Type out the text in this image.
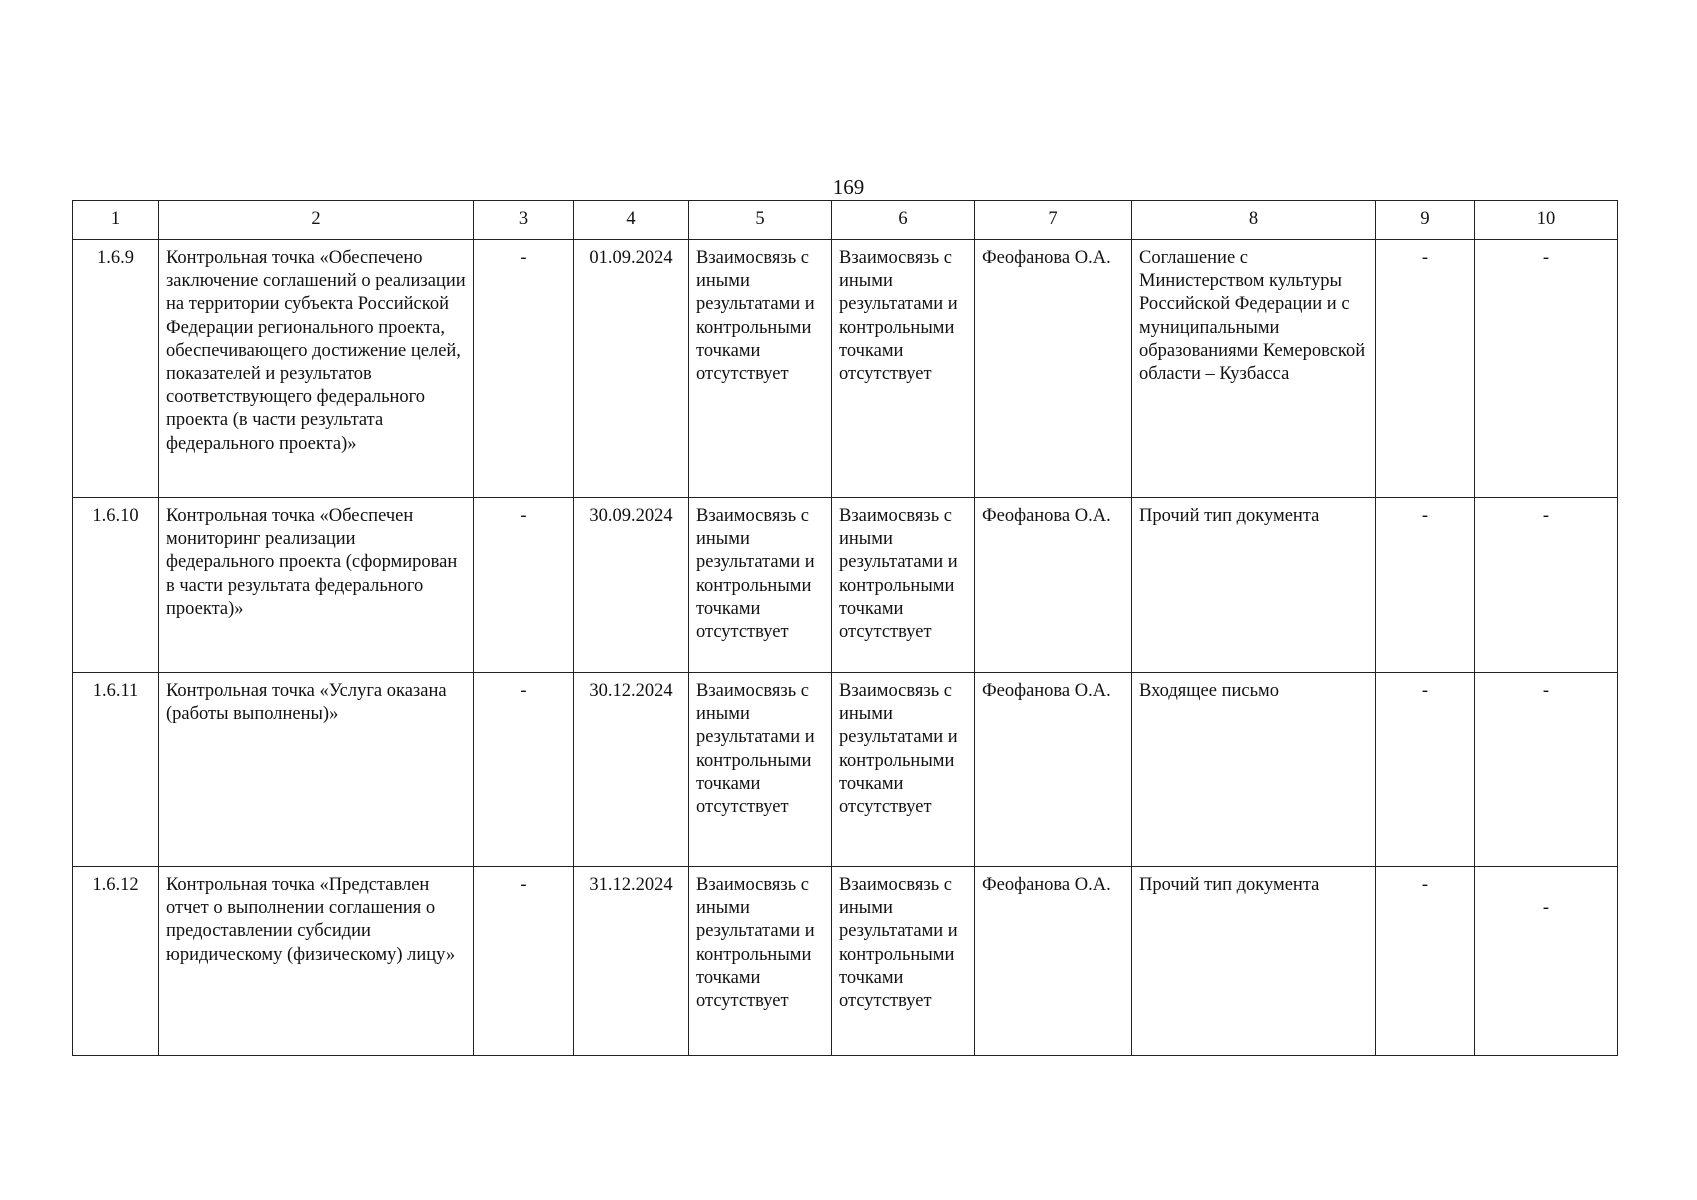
169
1	2	3	4	5	6	7	8	9	10
1.6.9	Контрольная точка «Обеспечено заключение соглашений о реализации на территории субъекта Российской Федерации регионального проекта, обеспечивающего достижение целей, показателей и результатов соответствующего федерального проекта (в части результата федерального проекта)»	-	01.09.2024	Взаимосвязь с иными результатами и контрольными точками отсутствует	Взаимосвязь с иными результатами и контрольными точками отсутствует	Феофанова О.А.	Соглашение с Министерством культуры Российской Федерации и с муниципальными образованиями Кемеровской области – Кузбасса	-	-
1.6.10	Контрольная точка «Обеспечен мониторинг реализации федерального проекта (сформирован в части результата федерального проекта)»	-	30.09.2024	Взаимосвязь с иными результатами и контрольными точками отсутствует	Взаимосвязь с иными результатами и контрольными точками отсутствует	Феофанова О.А.	Прочий тип документа	-	-
1.6.11	Контрольная точка «Услуга оказана (работы выполнены)»	-	30.12.2024	Взаимосвязь с иными результатами и контрольными точками отсутствует	Взаимосвязь с иными результатами и контрольными точками отсутствует	Феофанова О.А.	Входящее письмо	-	-
1.6.12	Контрольная точка «Представлен отчет о выполнении соглашения о предоставлении субсидии юридическому (физическому) лицу»	-	31.12.2024	Взаимосвязь с иными результатами и контрольными точками отсутствует	Взаимосвязь с иными результатами и контрольными точками отсутствует	Феофанова О.А.	Прочий тип документа	-	-
